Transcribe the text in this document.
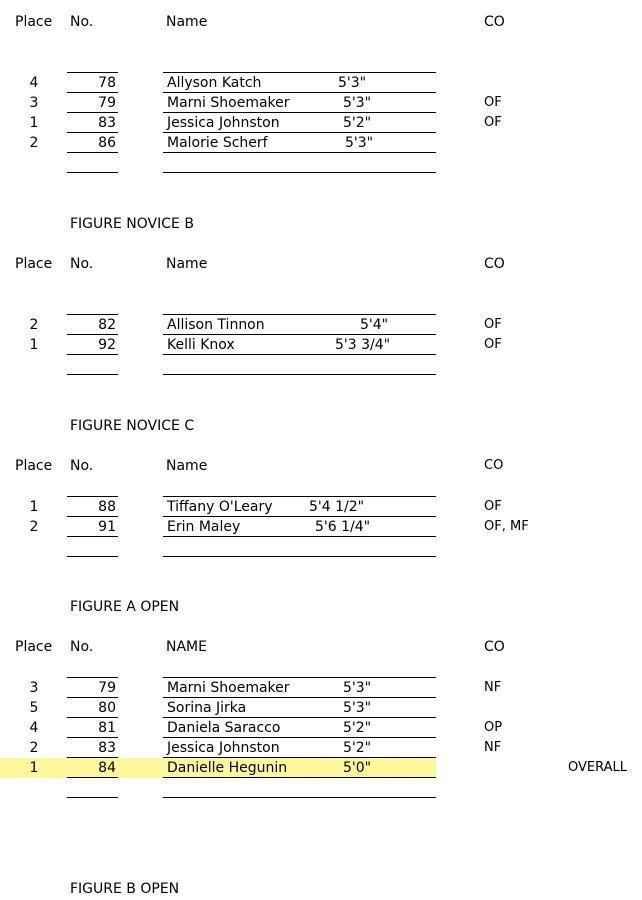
Place No.	Name	CO
4	78	Allyson Katch	5'3"
3	79	Marni Shoemaker	5'3"	OF
1	83	Jessica Johnston	5'2"	OF
2	86	Malorie Scherf	5'3"
FIGURE NOVICE B
Place No.	Name	CO
2	82	Allison Tinnon	5'4"	OF
1	92	Kelli Knox	5'3 3/4"	OF
FIGURE NOVICE C
Place No.	Name	CO
1	88	Tiffany O'Leary	5'4 1/2"	OF
2	91	Erin Maley	5'6 1/4"	OF, MF
FIGURE A OPEN
Place No.	NAME	CO
3	79	Marni Shoemaker	5'3"	NF
5	80	Sorina Jirka	5'3"
4	81	Daniela Saracco	5'2"	OP
2	83	Jessica Johnston	5'2"	NF
1	84	Danielle Hegunin	5'0"	OVERALL
FIGURE B OPEN
